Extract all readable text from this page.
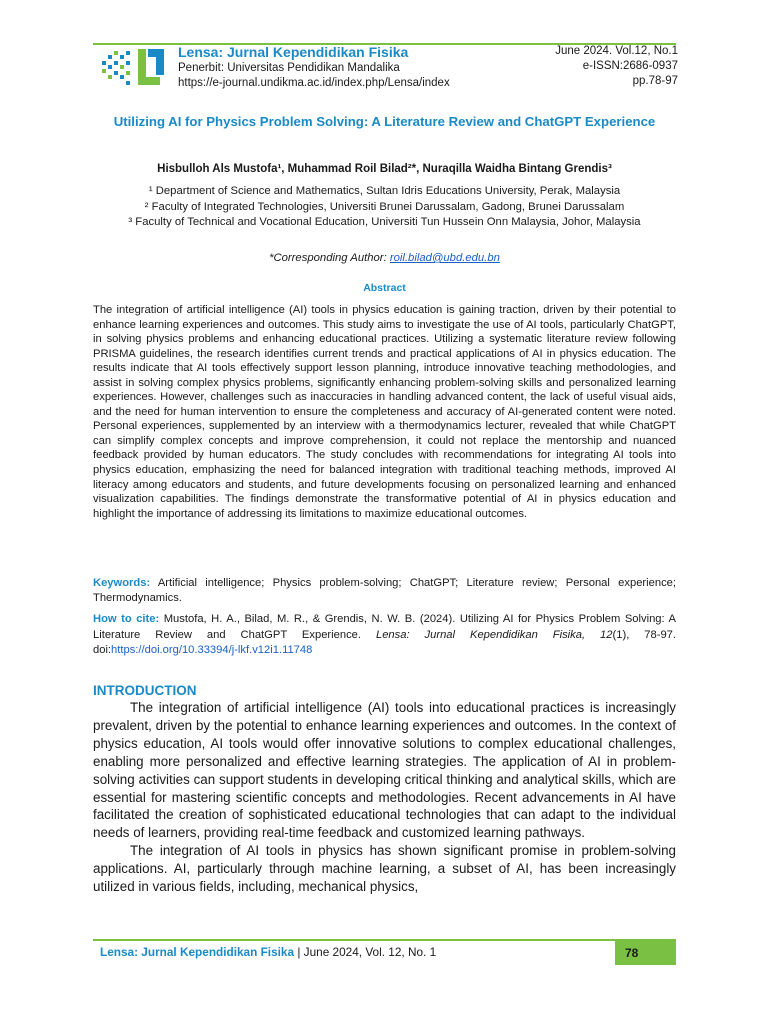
Lensa: Jurnal Kependidikan Fisika
Penerbit: Universitas Pendidikan Mandalika
https://e-journal.undikma.ac.id/index.php/Lensa/index
June 2024. Vol.12, No.1
e-ISSN:2686-0937
pp.78-97
Utilizing AI for Physics Problem Solving: A Literature Review and ChatGPT Experience
Hisbulloh Als Mustofa¹, Muhammad Roil Bilad²*, Nuraqilla Waidha Bintang Grendis³
¹ Department of Science and Mathematics, Sultan Idris Educations University, Perak, Malaysia
² Faculty of Integrated Technologies, Universiti Brunei Darussalam, Gadong, Brunei Darussalam
³ Faculty of Technical and Vocational Education, Universiti Tun Hussein Onn Malaysia, Johor, Malaysia
*Corresponding Author: roil.bilad@ubd.edu.bn
Abstract
The integration of artificial intelligence (AI) tools in physics education is gaining traction, driven by their potential to enhance learning experiences and outcomes. This study aims to investigate the use of AI tools, particularly ChatGPT, in solving physics problems and enhancing educational practices. Utilizing a systematic literature review following PRISMA guidelines, the research identifies current trends and practical applications of AI in physics education. The results indicate that AI tools effectively support lesson planning, introduce innovative teaching methodologies, and assist in solving complex physics problems, significantly enhancing problem-solving skills and personalized learning experiences. However, challenges such as inaccuracies in handling advanced content, the lack of useful visual aids, and the need for human intervention to ensure the completeness and accuracy of AI-generated content were noted. Personal experiences, supplemented by an interview with a thermodynamics lecturer, revealed that while ChatGPT can simplify complex concepts and improve comprehension, it could not replace the mentorship and nuanced feedback provided by human educators. The study concludes with recommendations for integrating AI tools into physics education, emphasizing the need for balanced integration with traditional teaching methods, improved AI literacy among educators and students, and future developments focusing on personalized learning and enhanced visualization capabilities. The findings demonstrate the transformative potential of AI in physics education and highlight the importance of addressing its limitations to maximize educational outcomes.
Keywords: Artificial intelligence; Physics problem-solving; ChatGPT; Literature review; Personal experience; Thermodynamics.
How to cite: Mustofa, H. A., Bilad, M. R., & Grendis, N. W. B. (2024). Utilizing AI for Physics Problem Solving: A Literature Review and ChatGPT Experience. Lensa: Jurnal Kependidikan Fisika, 12(1), 78-97. doi:https://doi.org/10.33394/j-lkf.v12i1.11748
INTRODUCTION

The integration of artificial intelligence (AI) tools into educational practices is increasingly prevalent, driven by the potential to enhance learning experiences and outcomes. In the context of physics education, AI tools would offer innovative solutions to complex educational challenges, enabling more personalized and effective learning strategies. The application of AI in problem-solving activities can support students in developing critical thinking and analytical skills, which are essential for mastering scientific concepts and methodologies. Recent advancements in AI have facilitated the creation of sophisticated educational technologies that can adapt to the individual needs of learners, providing real-time feedback and customized learning pathways.

The integration of AI tools in physics has shown significant promise in problem-solving applications. AI, particularly through machine learning, a subset of AI, has been increasingly utilized in various fields, including, mechanical physics,

Lensa: Jurnal Kependidikan Fisika | June 2024, Vol. 12, No. 1	78
